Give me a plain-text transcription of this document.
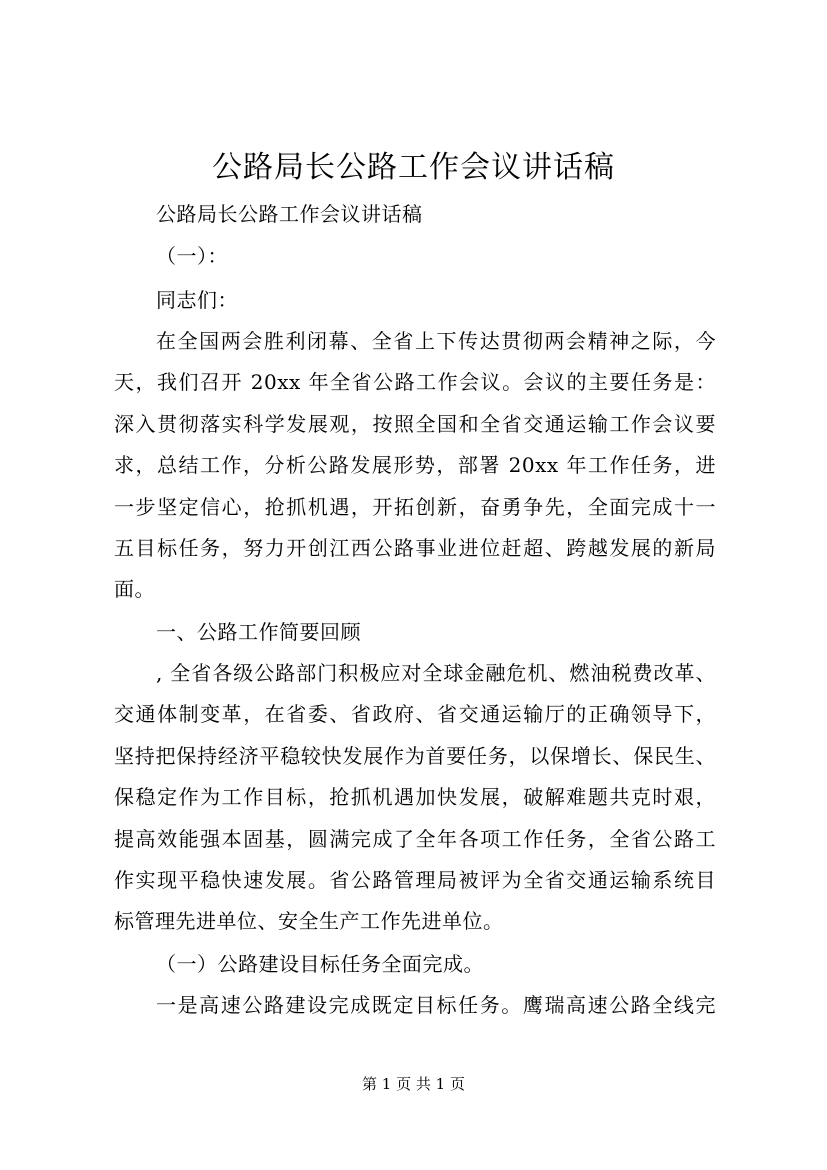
公路局长公路工作会议讲话稿
公路局长公路工作会议讲话稿
（一）：
同志们：
在全国两会胜利闭幕、全省上下传达贯彻两会精神之际，今
天，我们召开 20xx 年全省公路工作会议。会议的主要任务是：
深入贯彻落实科学发展观，按照全国和全省交通运输工作会议要
求，总结工作，分析公路发展形势，部署 20xx 年工作任务，进
一步坚定信心，抢抓机遇，开拓创新，奋勇争先，全面完成十一
五目标任务，努力开创江西公路事业进位赶超、跨越发展的新局
面。
一、公路工作简要回顾
, 全省各级公路部门积极应对全球金融危机、燃油税费改革、
交通体制变革，在省委、省政府、省交通运输厅的正确领导下，
坚持把保持经济平稳较快发展作为首要任务，以保增长、保民生、
保稳定作为工作目标，抢抓机遇加快发展，破解难题共克时艰，
提高效能强本固基，圆满完成了全年各项工作任务，全省公路工
作实现平稳快速发展。省公路管理局被评为全省交通运输系统目
标管理先进单位、安全生产工作先进单位。
（一）公路建设目标任务全面完成。
一是高速公路建设完成既定目标任务。鹰瑞高速公路全线完
第 1 页 共 1 页
